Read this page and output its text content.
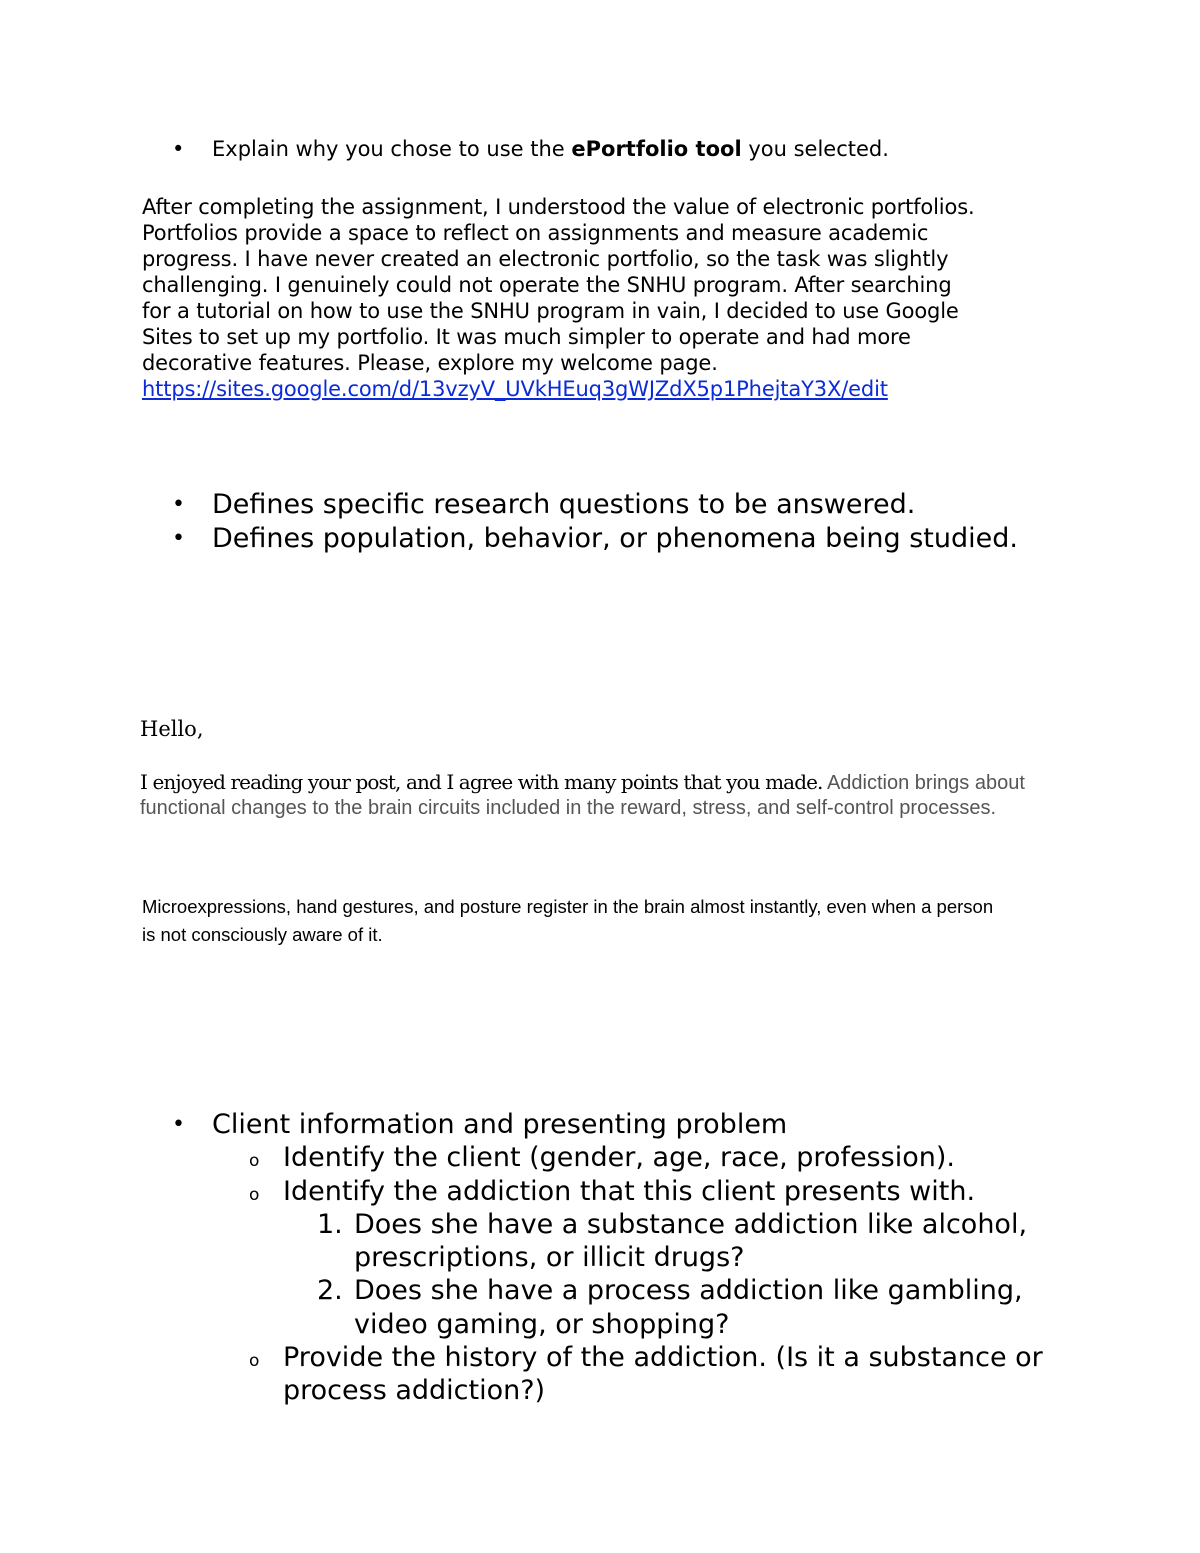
• Explain why you chose to use the ePortfolio tool you selected.
After completing the assignment, I understood the value of electronic portfolios.
Portfolios provide a space to reflect on assignments and measure academic
progress. I have never created an electronic portfolio, so the task was slightly
challenging. I genuinely could not operate the SNHU program. After searching
for a tutorial on how to use the SNHU program in vain, I decided to use Google
Sites to set up my portfolio. It was much simpler to operate and had more
decorative features. Please, explore my welcome page.
https://sites.google.com/d/13vzyV_UVkHEuq3gWJZdX5p1PhejtaY3X/edit
• Defines specific research questions to be answered.
• Defines population, behavior, or phenomena being studied.
Hello,
I enjoyed reading your post, and I agree with many points that you made. Addiction brings about functional changes to the brain circuits included in the reward, stress, and self-control processes.
Microexpressions, hand gestures, and posture register in the brain almost instantly, even when a person
is not consciously aware of it.
• Client information and presenting problem
o Identify the client (gender, age, race, profession).
o Identify the addiction that this client presents with.
1. Does she have a substance addiction like alcohol, prescriptions, or illicit drugs?
2. Does she have a process addiction like gambling, video gaming, or shopping?
o Provide the history of the addiction. (Is it a substance or process addiction?)
